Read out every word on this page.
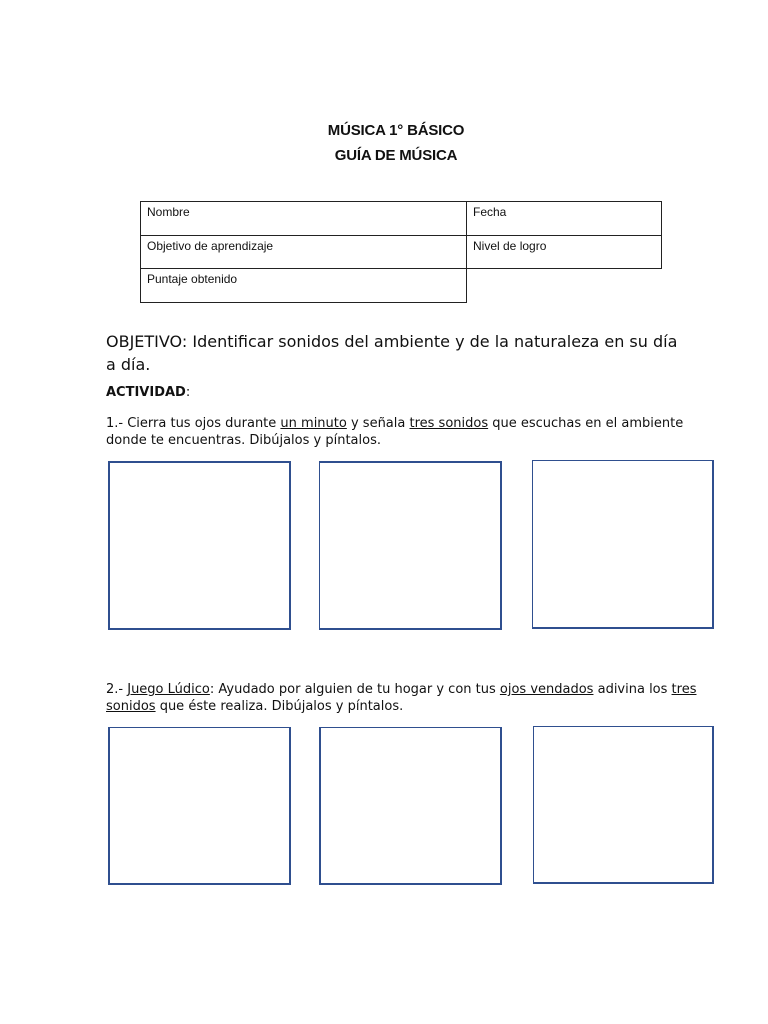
MÚSICA 1° BÁSICO
GUÍA DE MÚSICA
Nombre	Fecha
Objetivo de aprendizaje	Nivel de logro
Puntaje obtenido
OBJETIVO: Identificar sonidos del ambiente y de la naturaleza en su día a día.
ACTIVIDAD:
1.- Cierra tus ojos durante un minuto y señala tres sonidos que escuchas en el ambiente donde te encuentras. Dibújalos y píntalos.
2.- Juego Lúdico: Ayudado por alguien de tu hogar y con tus ojos vendados adivina los tres sonidos que éste realiza. Dibújalos y píntalos.
